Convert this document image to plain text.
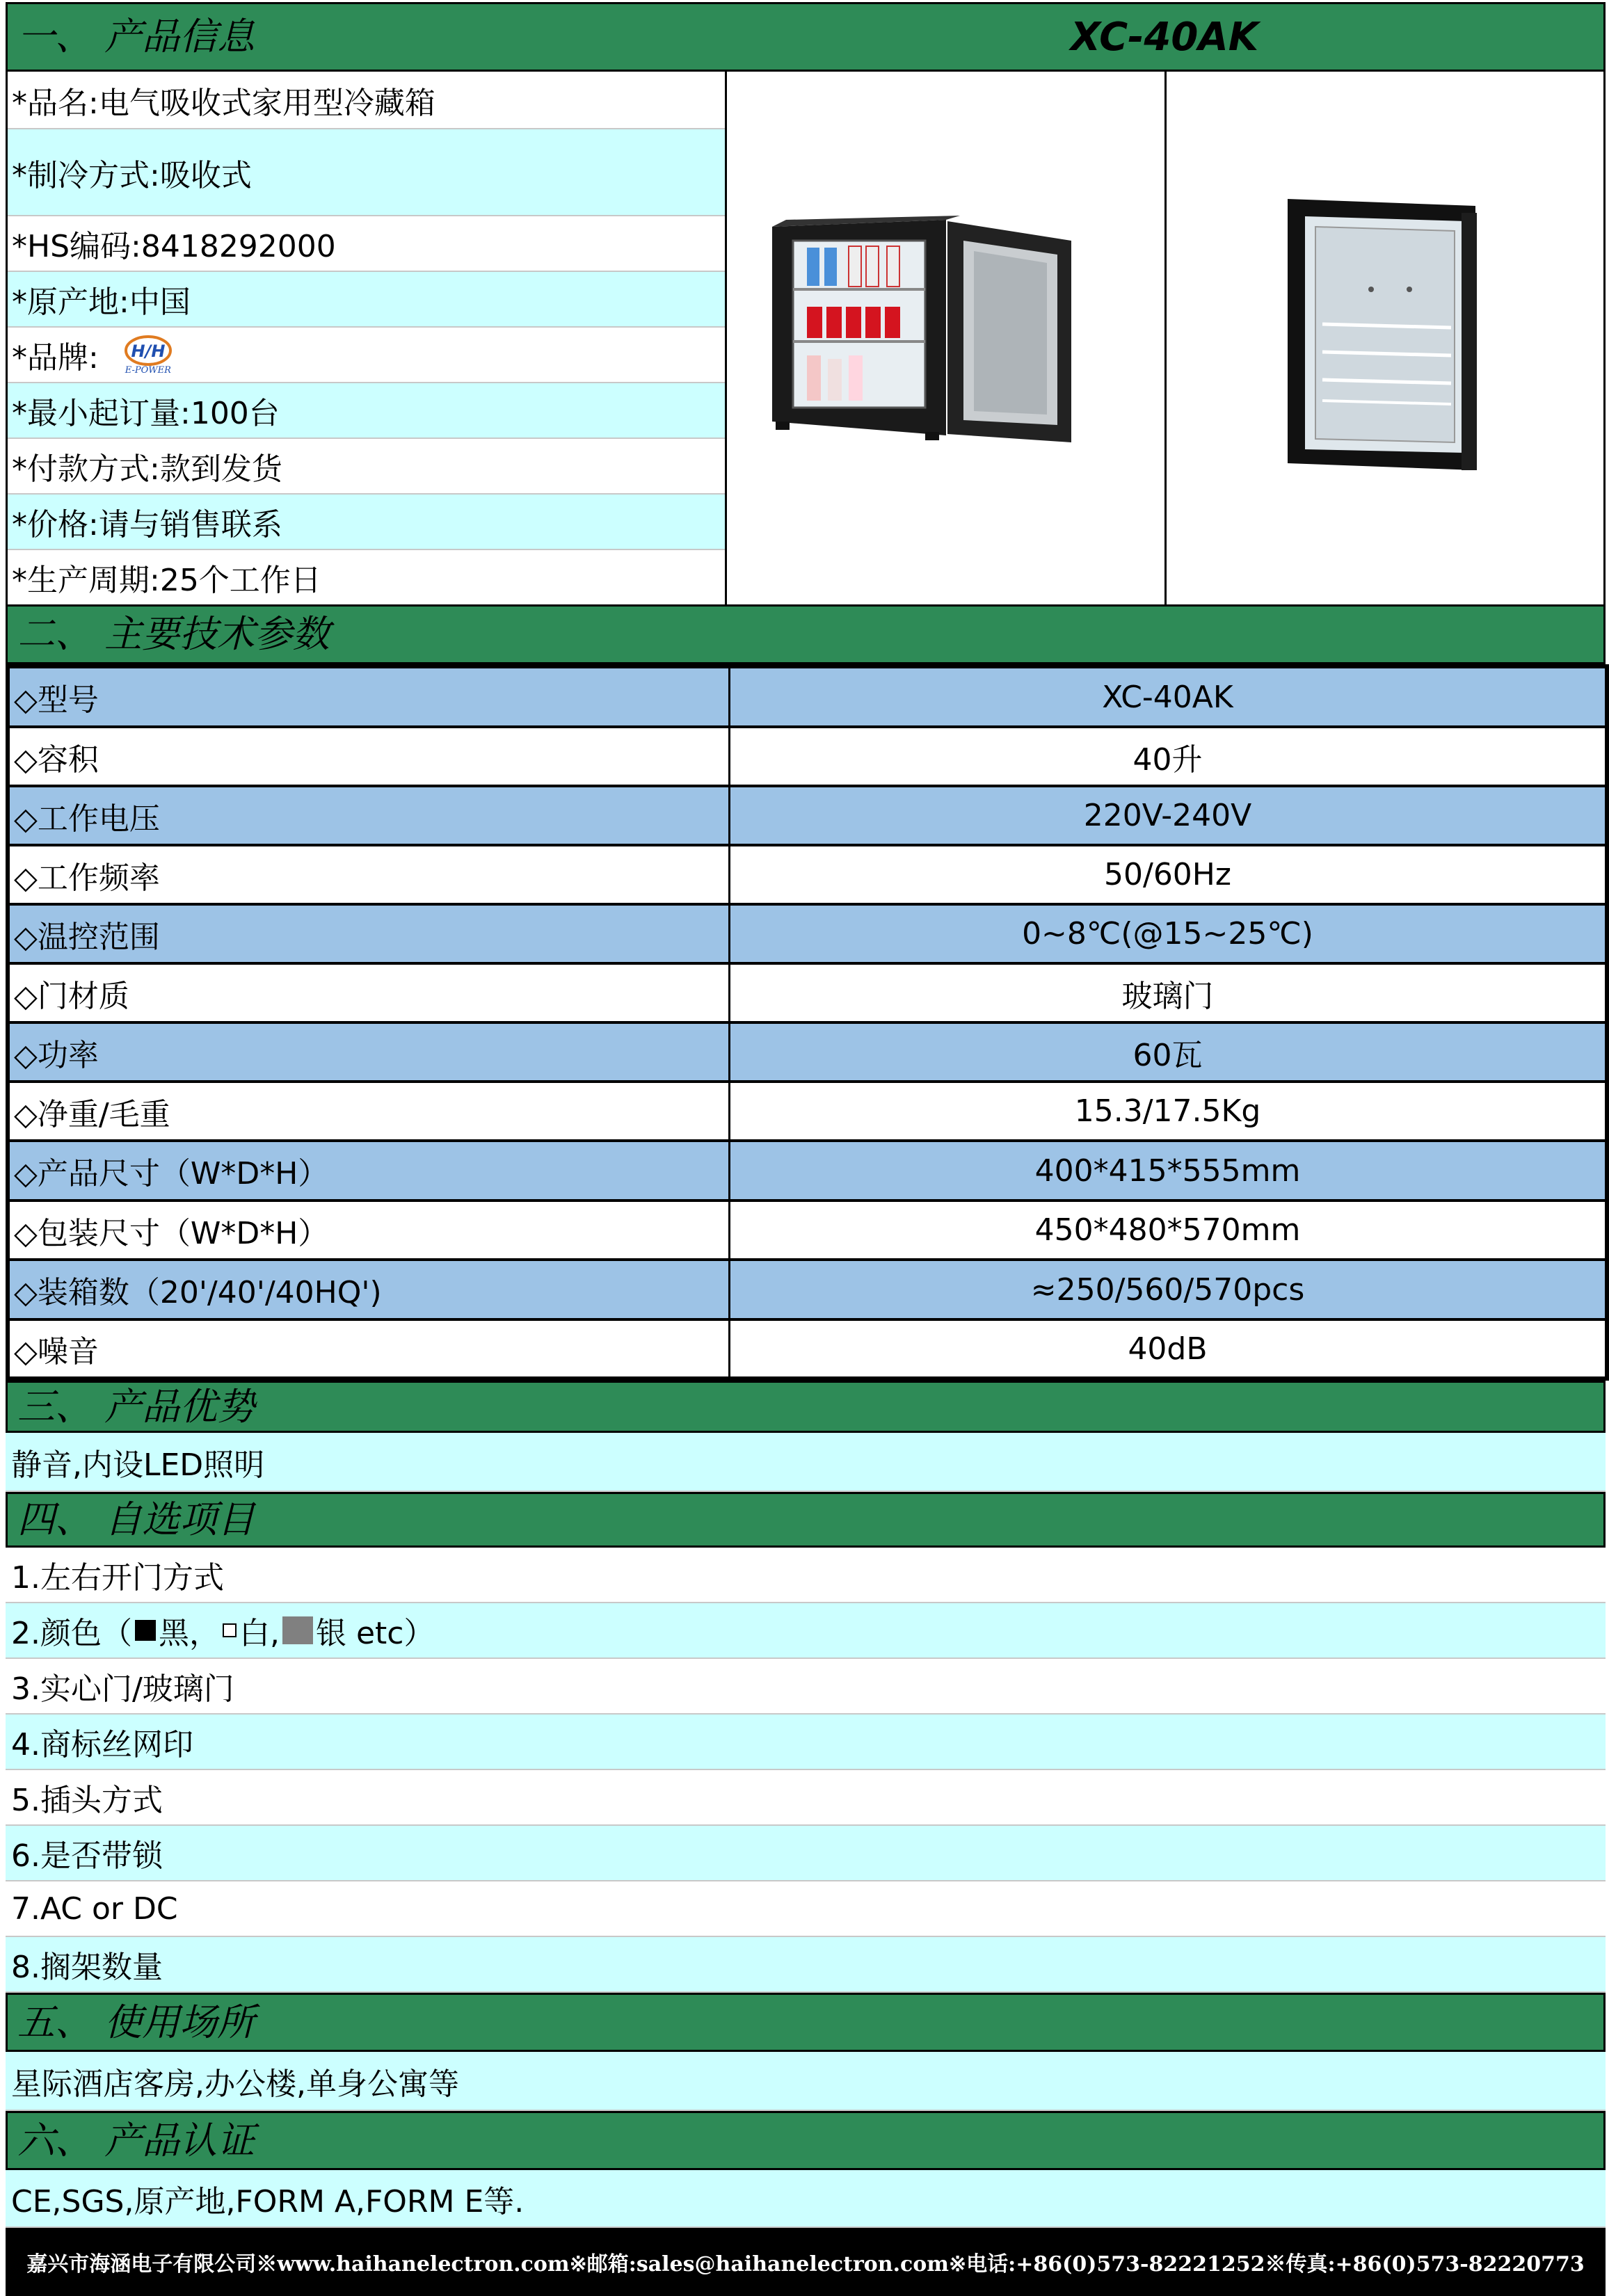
一、 产品信息	XC-40AK
*品名:电气吸收式家用型冷藏箱
*制冷方式:吸收式
*HS编码:8418292000
*原产地:中国
*品牌: H/H
E-POWER
*最小起订量:100台
*付款方式:款到发货
*价格:请与销售联系
*生产周期:25个工作日
二、 主要技术参数
◇型号	XC-40AK
◇容积	40升
◇工作电压	220V-240V
◇工作频率	50/60Hz
◇温控范围	0~8℃(@15~25℃)
◇门材质	玻璃门
◇功率	60瓦
◇净重/毛重	15.3/17.5Kg
◇产品尺寸（W*D*H）	400*415*555mm
◇包装尺寸（W*D*H）	450*480*570mm
◇装箱数（20'/40'/40HQ')	≈250/560/570pcs
◇噪音	40dB
三、 产品优势
静音,内设LED照明
四、 自选项目
1.左右开门方式
2.颜色（ 黑， 白, 银 etc）
3.实心门/玻璃门
4.商标丝网印
5.插头方式
6.是否带锁
7.AC or DC
8.搁架数量
五、 使用场所
星际酒店客房,办公楼,单身公寓等
六、 产品认证
CE,SGS,原产地,FORM A,FORM E等.
嘉兴市海涵电子有限公司※www.haihanelectron.com※邮箱:sales@haihanelectron.com※电话:+86(0)573-82221252※传真:+86(0)573-82220773
